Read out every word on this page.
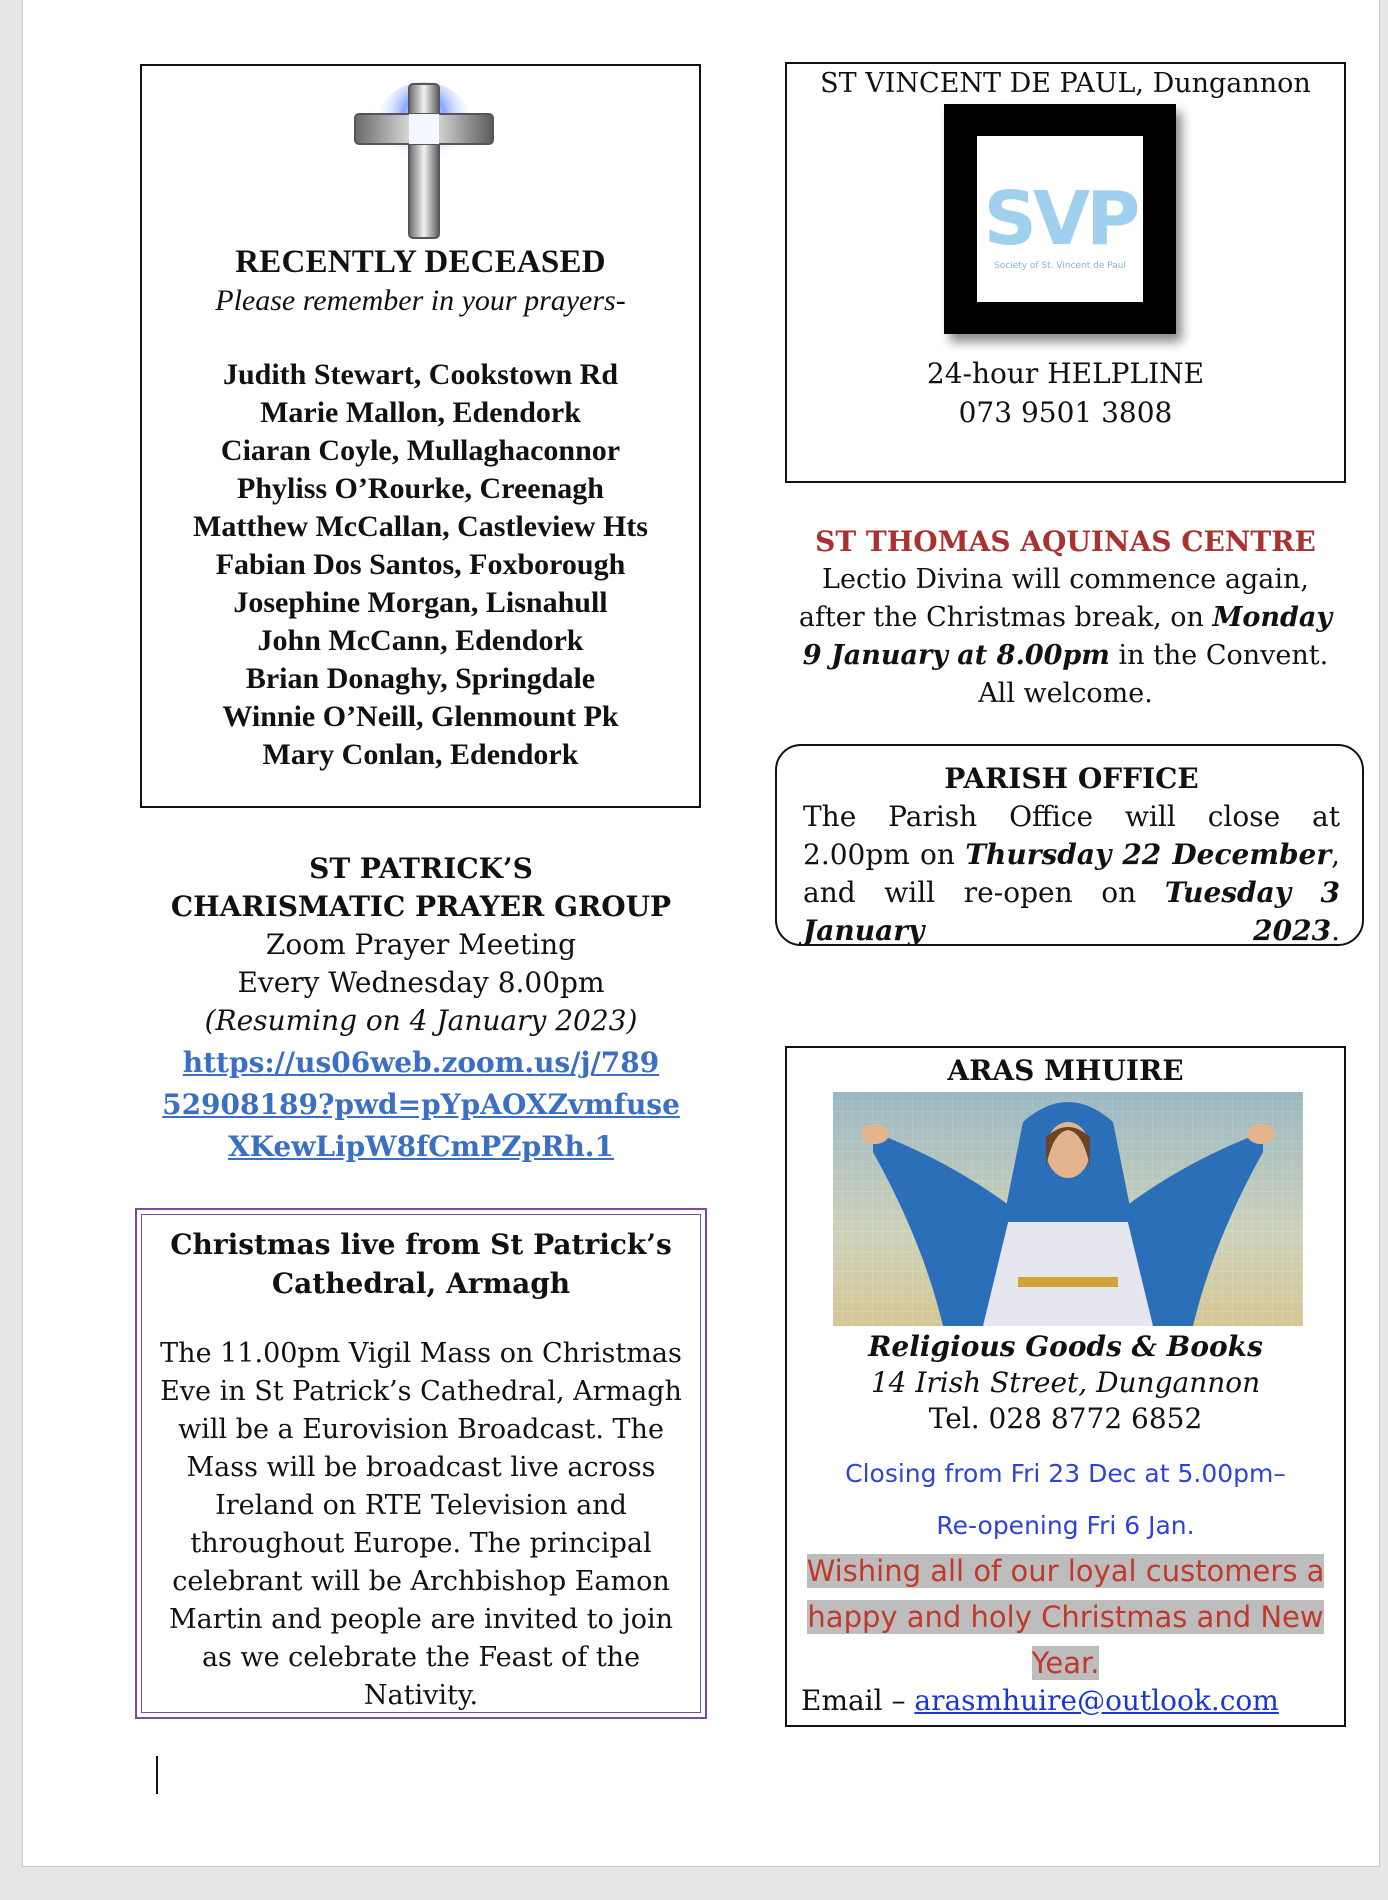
RECENTLY DECEASED
Please remember in your prayers-
Judith Stewart, Cookstown Rd
Marie Mallon, Edendork
Ciaran Coyle, Mullaghaconnor
Phyliss O’Rourke, Creenagh
Matthew McCallan, Castleview Hts
Fabian Dos Santos, Foxborough
Josephine Morgan, Lisnahull
John McCann, Edendork
Brian Donaghy, Springdale
Winnie O’Neill, Glenmount Pk
Mary Conlan, Edendork
ST VINCENT DE PAUL, Dungannon
SVP
Society of St. Vincent de Paul
24-hour HELPLINE
073 9501 3808
ST THOMAS AQUINAS CENTRE
Lectio Divina will commence again, after the Christmas break, on Monday 9 January at 8.00pm in the Convent. All welcome.
PARISH OFFICE
The Parish Office will close at 2.00pm on Thursday 22 December, and will re-open on Tuesday 3 January 2023.
ST PATRICK’S
CHARISMATIC PRAYER GROUP
Zoom Prayer Meeting
Every Wednesday 8.00pm
(Resuming on 4 January 2023)
https://us06web.zoom.us/j/789
52908189?pwd=pYpAOXZvmfuse
XKewLipW8fCmPZpRh.1
Christmas live from St Patrick’s Cathedral, Armagh
The 11.00pm Vigil Mass on Christmas Eve in St Patrick’s Cathedral, Armagh will be a Eurovision Broadcast. The Mass will be broadcast live across Ireland on RTE Television and throughout Europe. The principal celebrant will be Archbishop Eamon Martin and people are invited to join as we celebrate the Feast of the Nativity.
ARAS MHUIRE
Religious Goods & Books
14 Irish Street, Dungannon
Tel. 028 8772 6852
Closing from Fri 23 Dec at 5.00pm–
Re-opening Fri 6 Jan.
Wishing all of our loyal customers a happy and holy Christmas and New Year.
Email – arasmhuire@outlook.com
